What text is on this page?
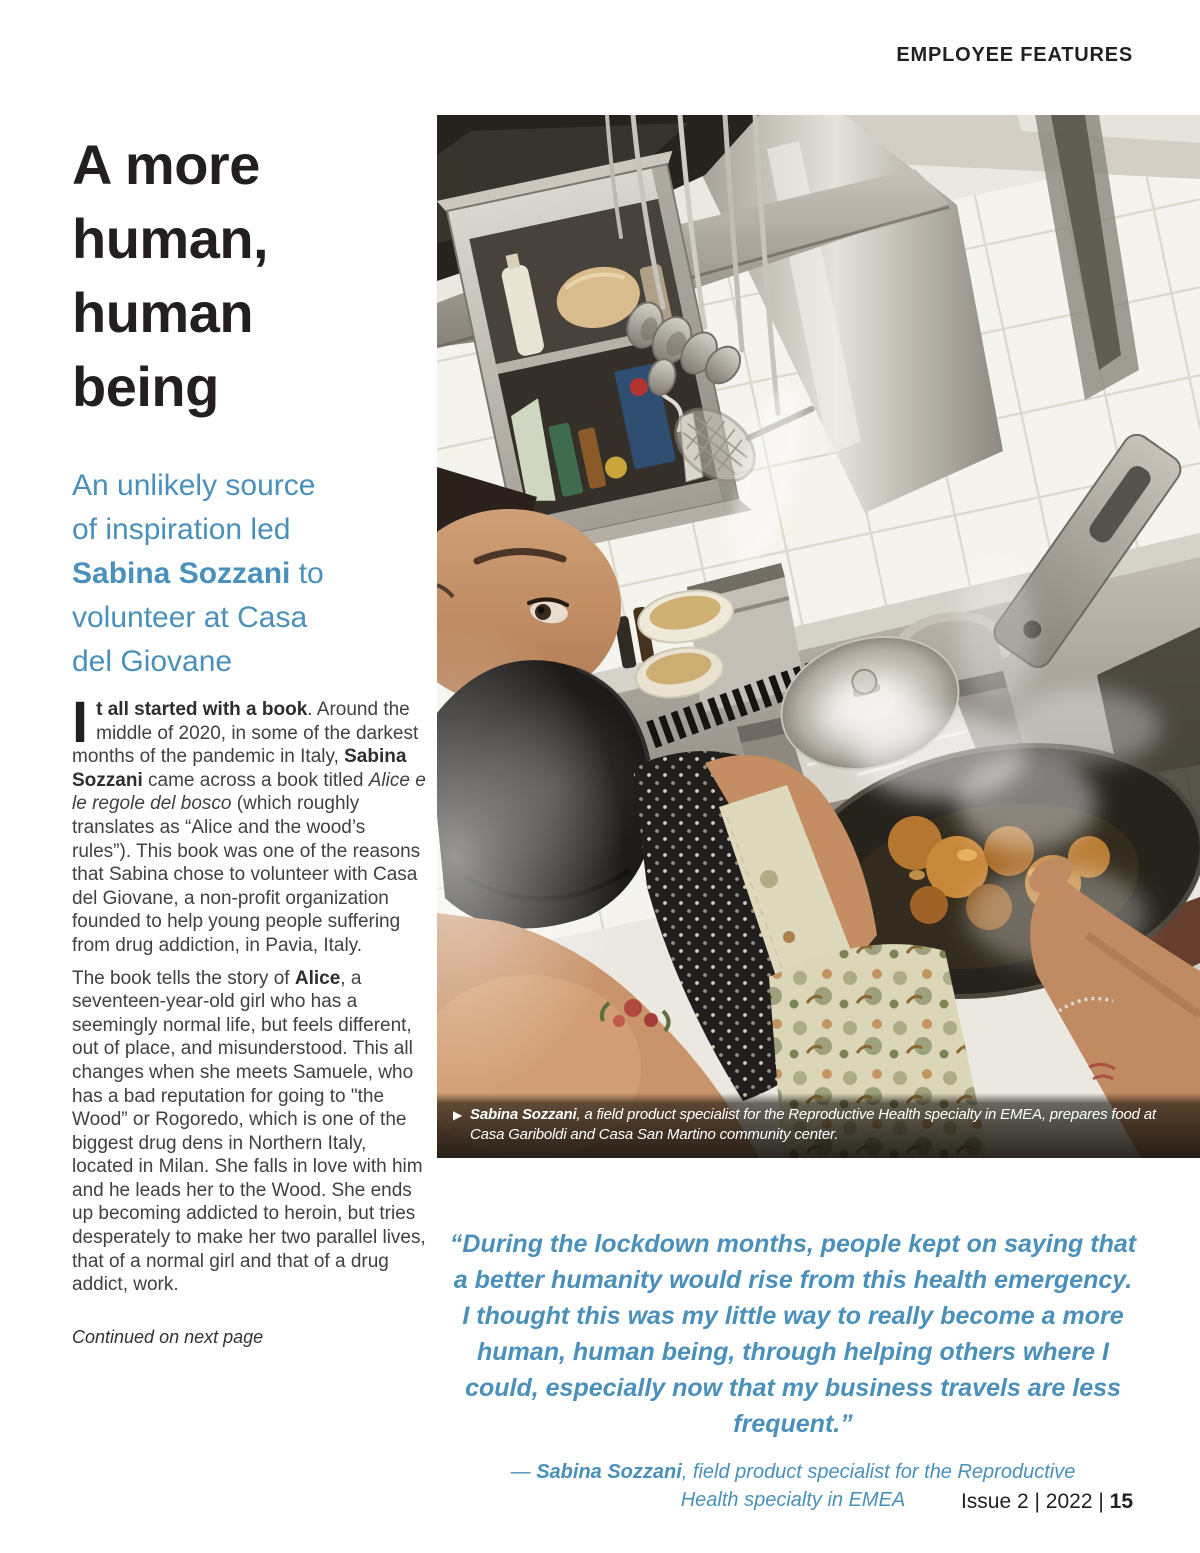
EMPLOYEE FEATURES
A more
human,
human
being
An unlikely source
of inspiration led
Sabina Sozzani to
volunteer at Casa
del Giovane

It all started with a book. Around the middle of 2020, in some of the darkest months of the pandemic in Italy, Sabina Sozzani came across a book titled Alice e le regole del bosco (which roughly translates as “Alice and the wood’s rules”). This book was one of the reasons that Sabina chose to volunteer with Casa del Giovane, a non-profit organization founded to help young people suffering from drug addiction, in Pavia, Italy.

The book tells the story of Alice, a seventeen-year-old girl who has a seemingly normal life, but feels different, out of place, and misunderstood. This all changes when she meets Samuele, who has a bad reputation for going to "the Wood” or Rogoredo, which is one of the biggest drug dens in Northern Italy, located in Milan. She falls in love with him and he leads her to the Wood. She ends up becoming addicted to heroin, but tries desperately to make her two parallel lives, that of a normal girl and that of a drug addict, work.

Continued on next page
▶ Sabina Sozzani, a field product specialist for the Reproductive Health specialty in EMEA, prepares food at Casa Gariboldi and Casa San Martino community center.
“During the lockdown months, people kept on saying that a better humanity would rise from this health emergency. I thought this was my little way to really become a more human, human being, through helping others where I could, especially now that my business travels are less frequent.”
— Sabina Sozzani, field product specialist for the Reproductive Health specialty in EMEA	Issue 2 | 2022 | 15
